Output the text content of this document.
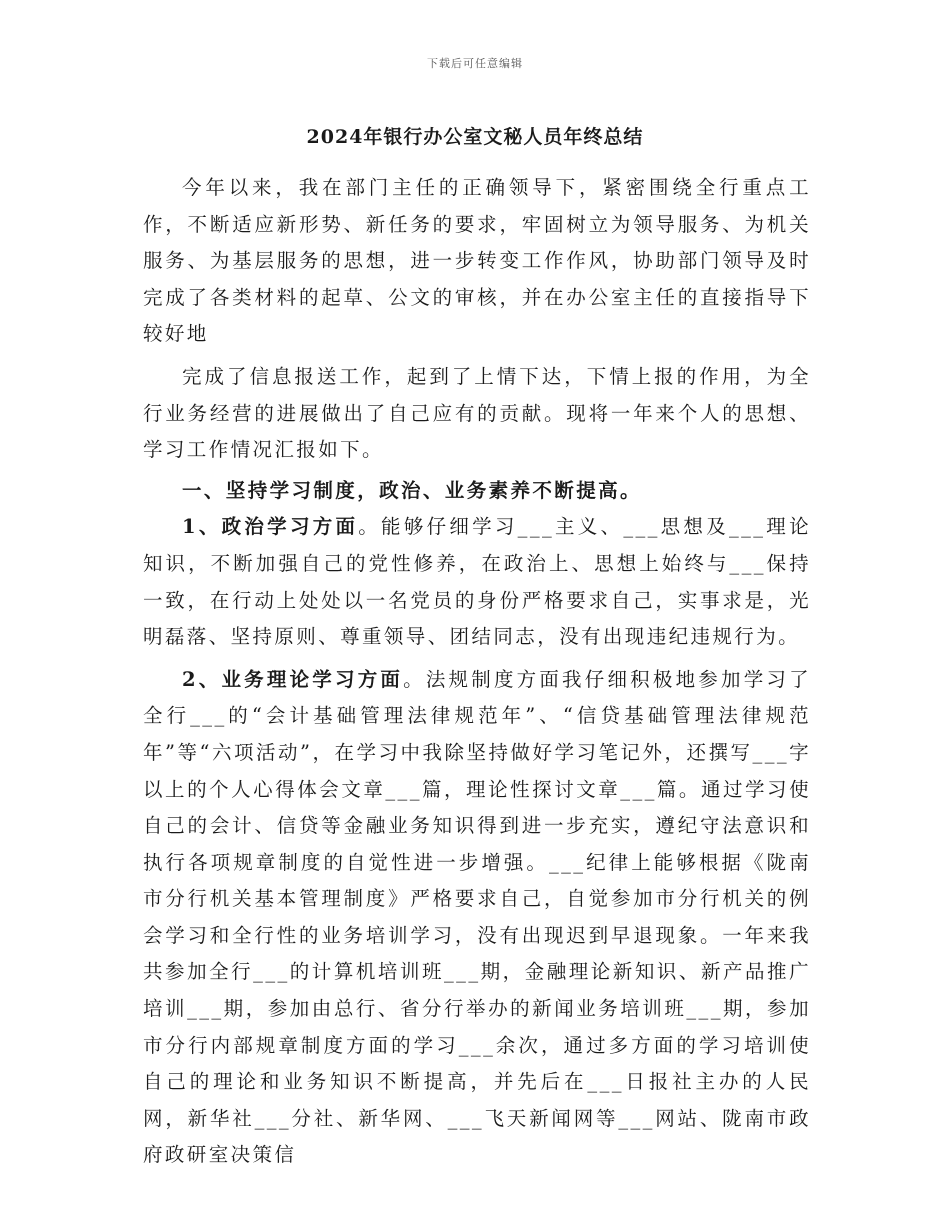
下载后可任意编辑
2024年银行办公室文秘人员年终总结

今年以来，我在部门主任的正确领导下，紧密围绕全行重点工作，不断适应新形势、新任务的要求，牢固树立为领导服务、为机关服务、为基层服务的思想，进一步转变工作作风，协助部门领导及时完成了各类材料的起草、公文的审核，并在办公室主任的直接指导下较好地

完成了信息报送工作，起到了上情下达，下情上报的作用，为全行业务经营的进展做出了自己应有的贡献。现将一年来个人的思想、学习工作情况汇报如下。

一、坚持学习制度，政治、业务素养不断提高。

1、政治学习方面。能够仔细学习___主义、___思想及___理论知识，不断加强自己的党性修养，在政治上、思想上始终与___保持一致，在行动上处处以一名党员的身份严格要求自己，实事求是，光明磊落、坚持原则、尊重领导、团结同志，没有出现违纪违规行为。

2、业务理论学习方面。法规制度方面我仔细积极地参加学习了全行___的“会计基础管理法律规范年”、“信贷基础管理法律规范年”等“六项活动”，在学习中我除坚持做好学习笔记外，还撰写___字以上的个人心得体会文章___篇，理论性探讨文章___篇。通过学习使自己的会计、信贷等金融业务知识得到进一步充实，遵纪守法意识和执行各项规章制度的自觉性进一步增强。___纪律上能够根据《陇南市分行机关基本管理制度》严格要求自己，自觉参加市分行机关的例会学习和全行性的业务培训学习，没有出现迟到早退现象。一年来我共参加全行___的计算机培训班___期，金融理论新知识、新产品推广培训___期，参加由总行、省分行举办的新闻业务培训班___期，参加市分行内部规章制度方面的学习___余次，通过多方面的学习培训使自己的理论和业务知识不断提高，并先后在___日报社主办的人民网，新华社___分社、新华网、___飞天新闻网等___网站、陇南市政府政研室决策信
